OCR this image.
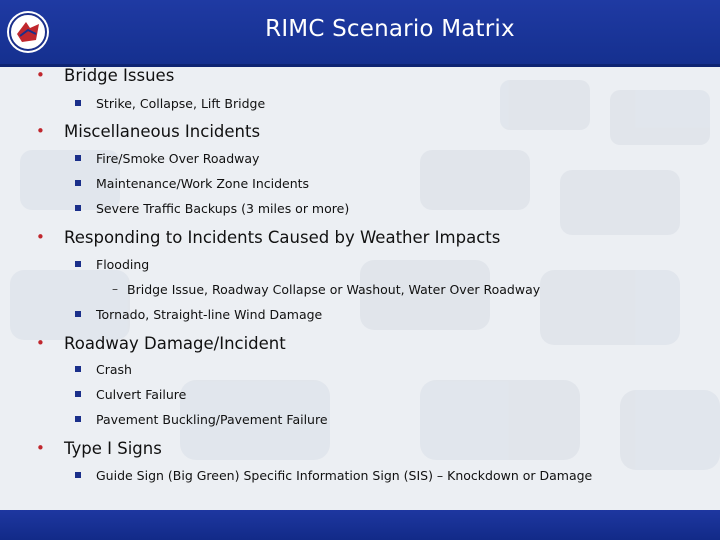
RIMC Scenario Matrix
• Bridge Issues
Strike, Collapse, Lift Bridge
• Miscellaneous Incidents
Fire/Smoke Over Roadway
Maintenance/Work Zone Incidents
Severe Traffic Backups (3 miles or more)
• Responding to Incidents Caused by Weather Impacts
Flooding
– Bridge Issue, Roadway Collapse or Washout, Water Over Roadway
Tornado, Straight-line Wind Damage
• Roadway Damage/Incident
Crash
Culvert Failure
Pavement Buckling/Pavement Failure
• Type I Signs
Guide Sign (Big Green) Specific Information Sign (SIS) – Knockdown or Damage
